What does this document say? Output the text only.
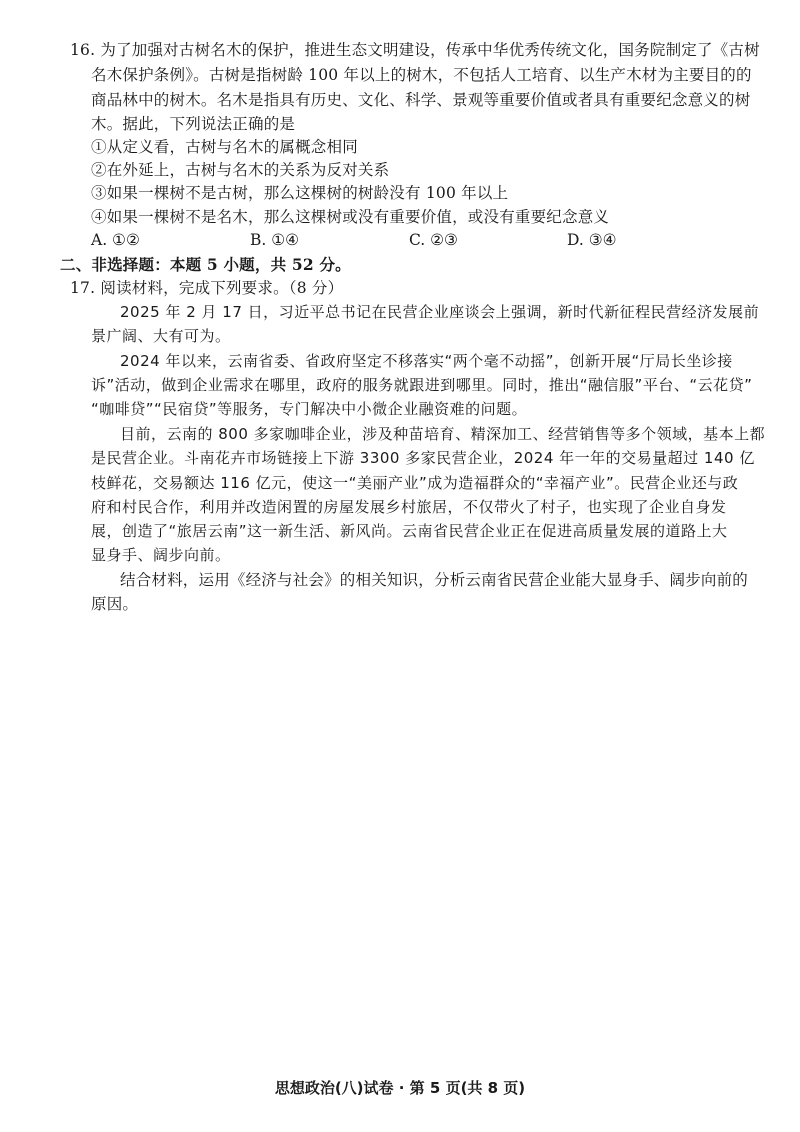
16. 为了加强对古树名木的保护，推进生态文明建设，传承中华优秀传统文化，国务院制定了《古树
名木保护条例》。古树是指树龄 100 年以上的树木，不包括人工培育、以生产木材为主要目的的
商品林中的树木。名木是指具有历史、文化、科学、景观等重要价值或者具有重要纪念意义的树
木。据此，下列说法正确的是
①从定义看，古树与名木的属概念相同
②在外延上，古树与名木的关系为反对关系
③如果一棵树不是古树，那么这棵树的树龄没有 100 年以上
④如果一棵树不是名木，那么这棵树或没有重要价值，或没有重要纪念意义
A. ①②	B. ①④	C. ②③	D. ③④
二、非选择题：本题 5 小题，共 52 分。
17. 阅读材料，完成下列要求。（8 分）
2025 年 2 月 17 日，习近平总书记在民营企业座谈会上强调，新时代新征程民营经济发展前
景广阔、大有可为。
2024 年以来，云南省委、省政府坚定不移落实“两个毫不动摇”，创新开展“厅局长坐诊接
诉”活动，做到企业需求在哪里，政府的服务就跟进到哪里。同时，推出“融信服”平台、“云花贷”
“咖啡贷”“民宿贷”等服务，专门解决中小微企业融资难的问题。
目前，云南的 800 多家咖啡企业，涉及种苗培育、精深加工、经营销售等多个领域，基本上都
是民营企业。斗南花卉市场链接上下游 3300 多家民营企业，2024 年一年的交易量超过 140 亿
枝鲜花，交易额达 116 亿元，使这一“美丽产业”成为造福群众的“幸福产业”。民营企业还与政
府和村民合作，利用并改造闲置的房屋发展乡村旅居，不仅带火了村子，也实现了企业自身发
展，创造了“旅居云南”这一新生活、新风尚。云南省民营企业正在促进高质量发展的道路上大
显身手、阔步向前。
结合材料，运用《经济与社会》的相关知识，分析云南省民营企业能大显身手、阔步向前的
原因。
思想政治(八)试卷 · 第 5 页(共 8 页)
